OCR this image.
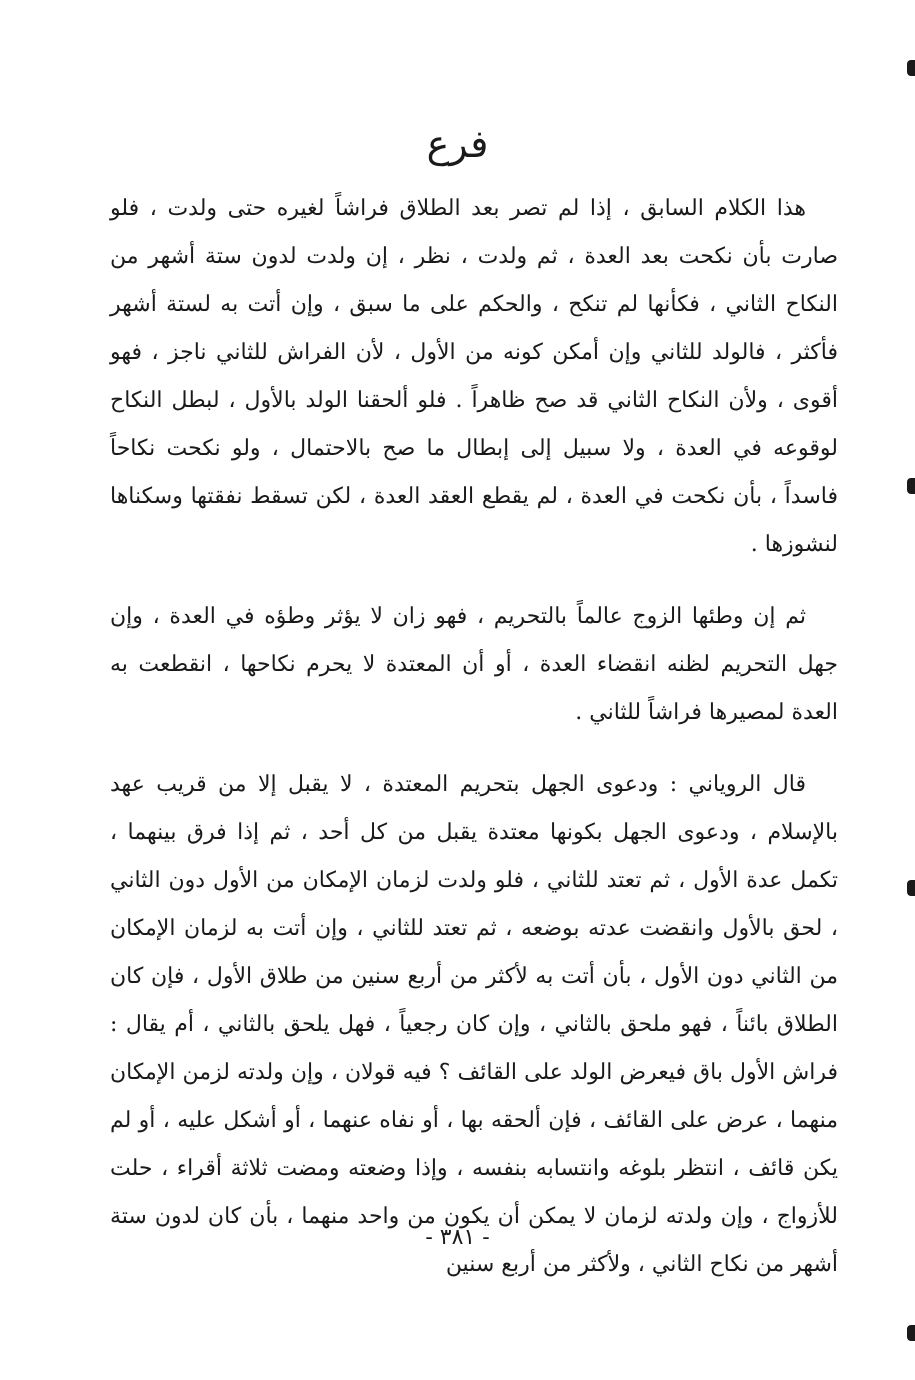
فرع

هذا الكلام السابق ، إذا لم تصر بعد الطلاق فراشاً لغيره حتى ولدت ، فلو صارت بأن نكحت بعد العدة ، ثم ولدت ، نظر ، إن ولدت لدون ستة أشهر من النكاح الثاني ، فكأنها لم تنكح ، والحكم على ما سبق ، وإن أتت به لستة أشهر فأكثر ، فالولد للثاني وإن أمكن كونه من الأول ، لأن الفراش للثاني ناجز ، فهو أقوى ، ولأن النكاح الثاني قد صح ظاهراً . فلو ألحقنا الولد بالأول ، لبطل النكاح لوقوعه في العدة ، ولا سبيل إلى إبطال ما صح بالاحتمال ، ولو نكحت نكاحاً فاسداً ، بأن نكحت في العدة ، لم يقطع العقد العدة ، لكن تسقط نفقتها وسكناها لنشوزها .

ثم إن وطئها الزوج عالماً بالتحريم ، فهو زان لا يؤثر وطؤه في العدة ، وإن جهل التحريم لظنه انقضاء العدة ، أو أن المعتدة لا يحرم نكاحها ، انقطعت به العدة لمصيرها فراشاً للثاني .

قال الروياني : ودعوى الجهل بتحريم المعتدة ، لا يقبل إلا من قريب عهد بالإسلام ، ودعوى الجهل بكونها معتدة يقبل من كل أحد ، ثم إذا فرق بينهما ، تكمل عدة الأول ، ثم تعتد للثاني ، فلو ولدت لزمان الإمكان من الأول دون الثاني ، لحق بالأول وانقضت عدته بوضعه ، ثم تعتد للثاني ، وإن أتت به لزمان الإمكان من الثاني دون الأول ، بأن أتت به لأكثر من أربع سنين من طلاق الأول ، فإن كان الطلاق بائناً ، فهو ملحق بالثاني ، وإن كان رجعياً ، فهل يلحق بالثاني ، أم يقال : فراش الأول باق فيعرض الولد على القائف ؟ فيه قولان ، وإن ولدته لزمن الإمكان منهما ، عرض على القائف ، فإن ألحقه بها ، أو نفاه عنهما ، أو أشكل عليه ، أو لم يكن قائف ، انتظر بلوغه وانتسابه بنفسه ، وإذا وضعته ومضت ثلاثة أقراء ، حلت للأزواج ، وإن ولدته لزمان لا يمكن أن يكون من واحد منهما ، بأن كان لدون ستة أشهر من نكاح الثاني ، ولأكثر من أربع سنين

- ٣٨١ -
